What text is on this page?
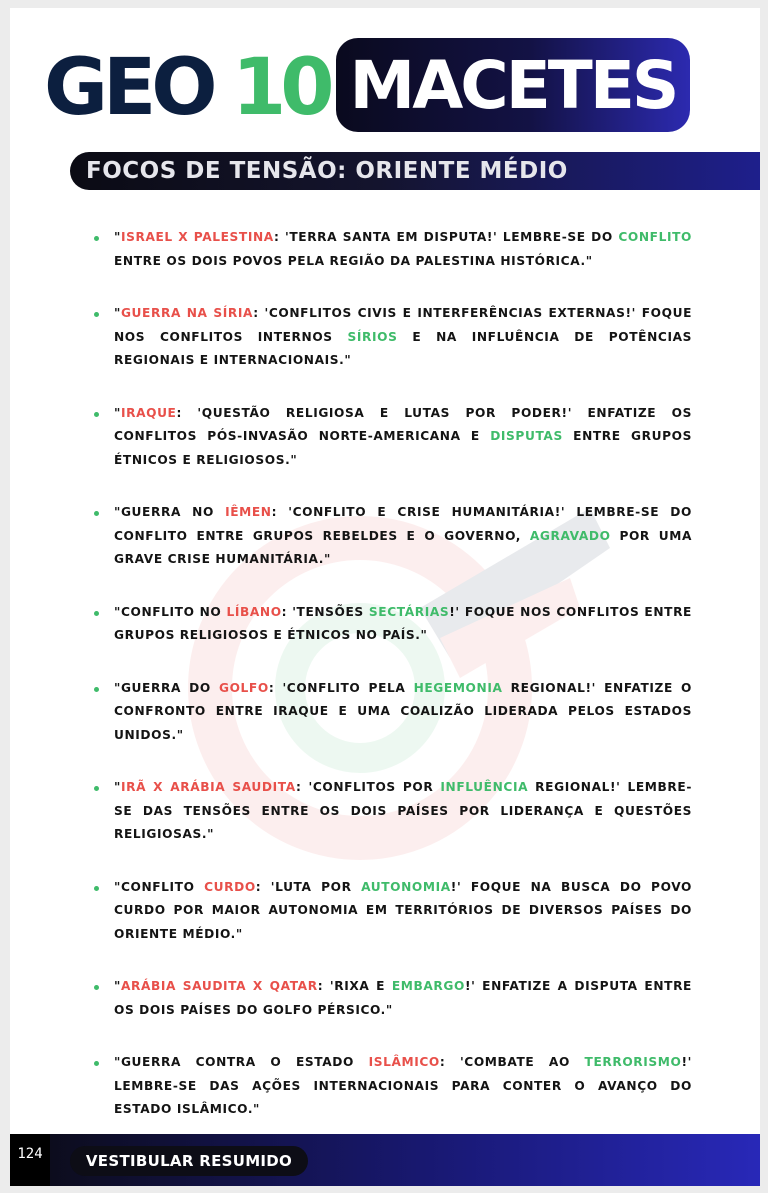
GEO 10 MACETES
FOCOS DE TENSÃO: ORIENTE MÉDIO
"ISRAEL X PALESTINA: 'TERRA SANTA EM DISPUTA!' LEMBRE-SE DO CONFLITO ENTRE OS DOIS POVOS PELA REGIÃO DA PALESTINA HISTÓRICA."
"GUERRA NA SÍRIA: 'CONFLITOS CIVIS E INTERFERÊNCIAS EXTERNAS!' FOQUE NOS CONFLITOS INTERNOS SÍRIOS E NA INFLUÊNCIA DE POTÊNCIAS REGIONAIS E INTERNACIONAIS."
"IRAQUE: 'QUESTÃO RELIGIOSA E LUTAS POR PODER!' ENFATIZE OS CONFLITOS PÓS-INVASÃO NORTE-AMERICANA E DISPUTAS ENTRE GRUPOS ÉTNICOS E RELIGIOSOS."
"GUERRA NO IÊMEN: 'CONFLITO E CRISE HUMANITÁRIA!' LEMBRE-SE DO CONFLITO ENTRE GRUPOS REBELDES E O GOVERNO, AGRAVADO POR UMA GRAVE CRISE HUMANITÁRIA."
"CONFLITO NO LÍBANO: 'TENSÕES SECTÁRIAS!' FOQUE NOS CONFLITOS ENTRE GRUPOS RELIGIOSOS E ÉTNICOS NO PAÍS."
"GUERRA DO GOLFO: 'CONFLITO PELA HEGEMONIA REGIONAL!' ENFATIZE O CONFRONTO ENTRE IRAQUE E UMA COALIZÃO LIDERADA PELOS ESTADOS UNIDOS."
"IRÃ X ARÁBIA SAUDITA: 'CONFLITOS POR INFLUÊNCIA REGIONAL!' LEMBRE-SE DAS TENSÕES ENTRE OS DOIS PAÍSES POR LIDERANÇA E QUESTÕES RELIGIOSAS."
"CONFLITO CURDO: 'LUTA POR AUTONOMIA!' FOQUE NA BUSCA DO POVO CURDO POR MAIOR AUTONOMIA EM TERRITÓRIOS DE DIVERSOS PAÍSES DO ORIENTE MÉDIO."
"ARÁBIA SAUDITA X QATAR: 'RIXA E EMBARGO!' ENFATIZE A DISPUTA ENTRE OS DOIS PAÍSES DO GOLFO PÉRSICO."
"GUERRA CONTRA O ESTADO ISLÂMICO: 'COMBATE AO TERRORISMO!' LEMBRE-SE DAS AÇÕES INTERNACIONAIS PARA CONTER O AVANÇO DO ESTADO ISLÂMICO."
124	VESTIBULAR RESUMIDO
